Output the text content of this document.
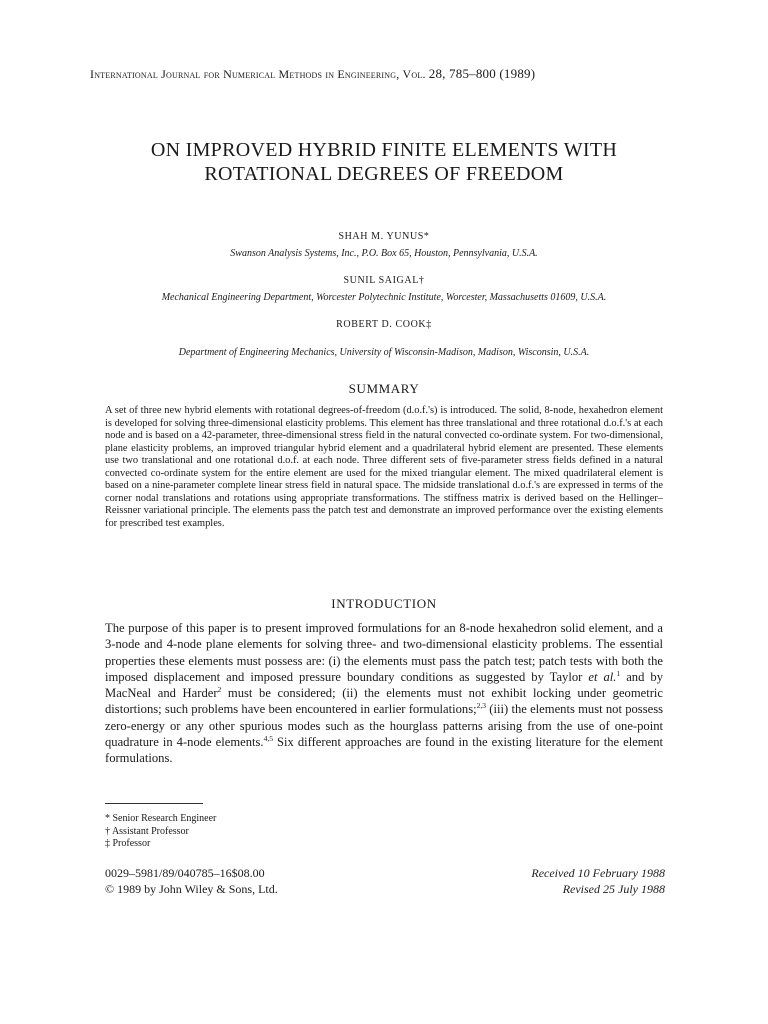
International Journal for Numerical Methods in Engineering, Vol. 28, 785–800 (1989)
ON IMPROVED HYBRID FINITE ELEMENTS WITH
ROTATIONAL DEGREES OF FREEDOM
SHAH M. YUNUS*
Swanson Analysis Systems, Inc., P.O. Box 65, Houston, Pennsylvania, U.S.A.
SUNIL SAIGAL†
Mechanical Engineering Department, Worcester Polytechnic Institute, Worcester, Massachusetts 01609, U.S.A.
ROBERT D. COOK‡
Department of Engineering Mechanics, University of Wisconsin-Madison, Madison, Wisconsin, U.S.A.
SUMMARY
A set of three new hybrid elements with rotational degrees-of-freedom (d.o.f.'s) is introduced. The solid, 8-node, hexahedron element is developed for solving three-dimensional elasticity problems. This element has three translational and three rotational d.o.f.'s at each node and is based on a 42-parameter, three-dimensional stress field in the natural convected co-ordinate system. For two-dimensional, plane elasticity problems, an improved triangular hybrid element and a quadrilateral hybrid element are presented. These elements use two translational and one rotational d.o.f. at each node. Three different sets of five-parameter stress fields defined in a natural convected co-ordinate system for the entire element are used for the mixed triangular element. The mixed quadrilateral element is based on a nine-parameter complete linear stress field in natural space. The midside translational d.o.f.'s are expressed in terms of the corner nodal translations and rotations using appropriate transformations. The stiffness matrix is derived based on the Hellinger–Reissner variational principle. The elements pass the patch test and demonstrate an improved performance over the existing elements for prescribed test examples.
INTRODUCTION
The purpose of this paper is to present improved formulations for an 8-node hexahedron solid element, and a 3-node and 4-node plane elements for solving three- and two-dimensional elasticity problems. The essential properties these elements must possess are: (i) the elements must pass the patch test; patch tests with both the imposed displacement and imposed pressure boundary conditions as suggested by Taylor et al.$^1$ and by MacNeal and Harder$^2$ must be considered; (ii) the elements must not exhibit locking under geometric distortions; such problems have been encountered in earlier formulations;$^{2,3}$ (iii) the elements must not possess zero-energy or any other spurious modes such as the hourglass patterns arising from the use of one-point quadrature in 4-node elements.$^{4,5}$ Six different approaches are found in the existing literature for the element formulations.
* Senior Research Engineer
† Assistant Professor
‡ Professor
0029–5981/89/040785–16$08.00
© 1989 by John Wiley & Sons, Ltd.
Received 10 February 1988
Revised 25 July 1988
